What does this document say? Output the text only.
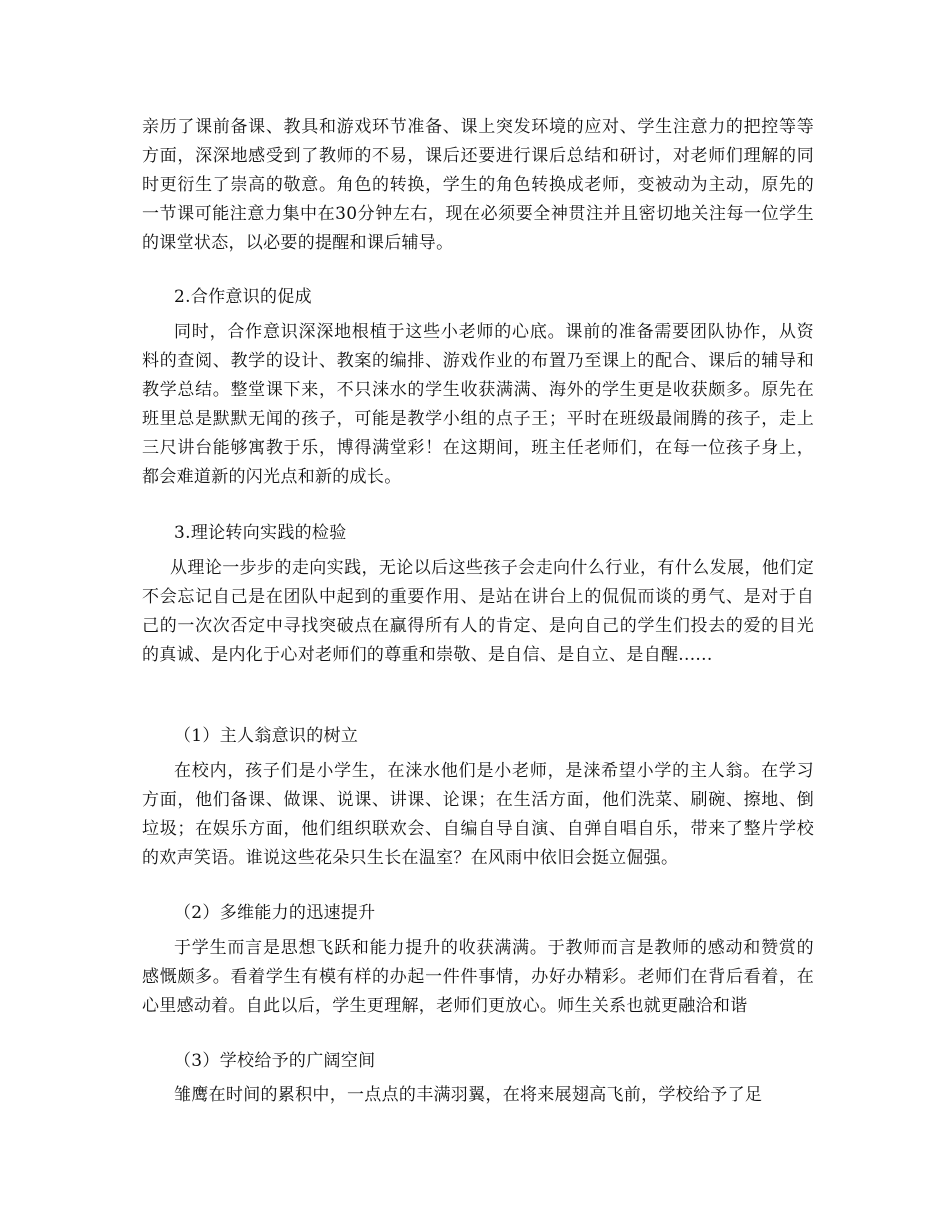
亲历了课前备课、教具和游戏环节准备、课上突发环境的应对、学生注意力的把控等等方面，深深地感受到了教师的不易，课后还要进行课后总结和研讨，对老师们理解的同时更衍生了崇高的敬意。角色的转换，学生的角色转换成老师，变被动为主动，原先的一节课可能注意力集中在30分钟左右，现在必须要全神贯注并且密切地关注每一位学生的课堂状态，以必要的提醒和课后辅导。

2.合作意识的促成

同时，合作意识深深地根植于这些小老师的心底。课前的准备需要团队协作，从资料的查阅、教学的设计、教案的编排、游戏作业的布置乃至课上的配合、课后的辅导和教学总结。整堂课下来，不只涞水的学生收获满满、海外的学生更是收获颇多。原先在班里总是默默无闻的孩子，可能是教学小组的点子王；平时在班级最闹腾的孩子，走上三尺讲台能够寓教于乐，博得满堂彩！在这期间，班主任老师们，在每一位孩子身上，都会难道新的闪光点和新的成长。

3.理论转向实践的检验

从理论一步步的走向实践，无论以后这些孩子会走向什么行业，有什么发展，他们定不会忘记自己是在团队中起到的重要作用、是站在讲台上的侃侃而谈的勇气、是对于自己的一次次否定中寻找突破点在赢得所有人的肯定、是向自己的学生们投去的爱的目光的真诚、是内化于心对老师们的尊重和崇敬、是自信、是自立、是自醒......

（1）主人翁意识的树立

在校内，孩子们是小学生，在涞水他们是小老师，是涞希望小学的主人翁。在学习方面，他们备课、做课、说课、讲课、论课；在生活方面，他们洗菜、刷碗、擦地、倒垃圾；在娱乐方面，他们组织联欢会、自编自导自演、自弹自唱自乐，带来了整片学校的欢声笑语。谁说这些花朵只生长在温室？在风雨中依旧会挺立倔强。

（2）多维能力的迅速提升

于学生而言是思想飞跃和能力提升的收获满满。于教师而言是教师的感动和赞赏的感慨颇多。看着学生有模有样的办起一件件事情，办好办精彩。老师们在背后看着，在心里感动着。自此以后，学生更理解，老师们更放心。师生关系也就更融洽和谐

（3）学校给予的广阔空间

雏鹰在时间的累积中，一点点的丰满羽翼，在将来展翅高飞前，学校给予了足
